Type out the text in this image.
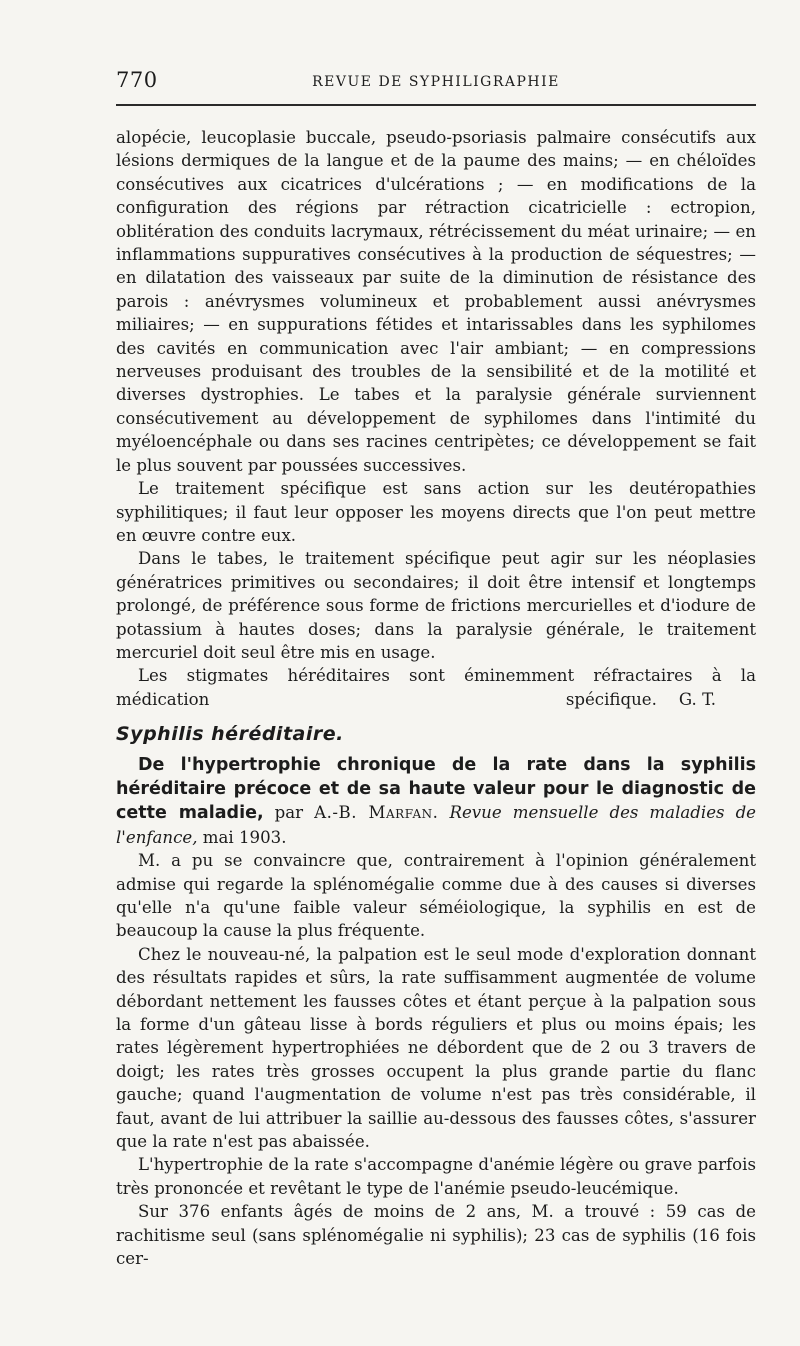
770	REVUE DE SYPHILIGRAPHIE

alopécie, leucoplasie buccale, pseudo-psoriasis palmaire consécutifs aux lésions dermiques de la langue et de la paume des mains; — en chéloïdes consécutives aux cicatrices d'ulcérations ; — en modifications de la configuration des régions par rétraction cicatricielle : ectropion, oblitération des conduits lacrymaux, rétrécissement du méat urinaire; — en inflammations suppuratives consécutives à la production de séquestres; — en dilatation des vaisseaux par suite de la diminution de résistance des parois : anévrysmes volumineux et probablement aussi anévrysmes miliaires; — en suppurations fétides et intarissables dans les syphilomes des cavités en communication avec l'air ambiant; — en compressions nerveuses produisant des troubles de la sensibilité et de la motilité et diverses dystrophies. Le tabes et la paralysie générale surviennent consécutivement au développement de syphilomes dans l'intimité du myéloencéphale ou dans ses racines centripètes; ce développement se fait le plus souvent par poussées successives.

Le traitement spécifique est sans action sur les deutéropathies syphilitiques; il faut leur opposer les moyens directs que l'on peut mettre en œuvre contre eux.

Dans le tabes, le traitement spécifique peut agir sur les néoplasies génératrices primitives ou secondaires; il doit être intensif et longtemps prolongé, de préférence sous forme de frictions mercurielles et d'iodure de potassium à hautes doses; dans la paralysie générale, le traitement mercuriel doit seul être mis en usage.

Les stigmates héréditaires sont éminemment réfractaires à la médication spécifique.	G. T.

Syphilis héréditaire.

De l'hypertrophie chronique de la rate dans la syphilis héréditaire précoce et de sa haute valeur pour le diagnostic de cette maladie, par A.-B. Marfan. Revue mensuelle des maladies de l'enfance, mai 1903.

M. a pu se convaincre que, contrairement à l'opinion généralement admise qui regarde la splénomégalie comme due à des causes si diverses qu'elle n'a qu'une faible valeur séméiologique, la syphilis en est de beaucoup la cause la plus fréquente.

Chez le nouveau-né, la palpation est le seul mode d'exploration donnant des résultats rapides et sûrs, la rate suffisamment augmentée de volume débordant nettement les fausses côtes et étant perçue à la palpation sous la forme d'un gâteau lisse à bords réguliers et plus ou moins épais; les rates légèrement hypertrophiées ne débordent que de 2 ou 3 travers de doigt; les rates très grosses occupent la plus grande partie du flanc gauche; quand l'augmentation de volume n'est pas très considérable, il faut, avant de lui attribuer la saillie au-dessous des fausses côtes, s'assurer que la rate n'est pas abaissée.

L'hypertrophie de la rate s'accompagne d'anémie légère ou grave parfois très prononcée et revêtant le type de l'anémie pseudo-leucémique.

Sur 376 enfants âgés de moins de 2 ans, M. a trouvé : 59 cas de rachitisme seul (sans splénomégalie ni syphilis); 23 cas de syphilis (16 fois cer-
